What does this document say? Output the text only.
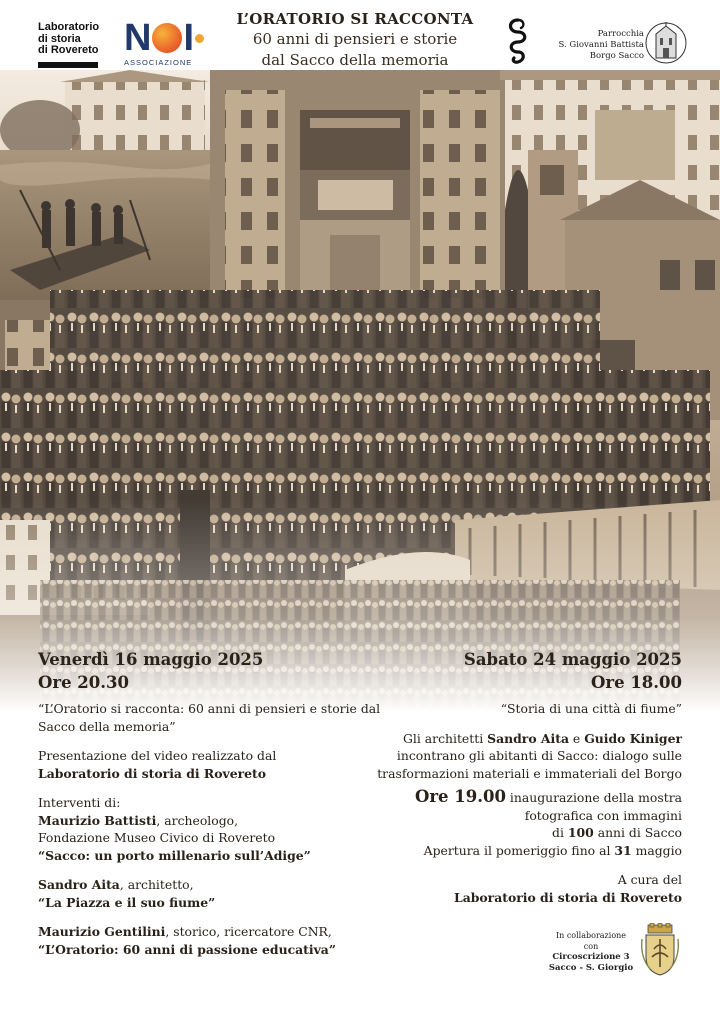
Laboratorio
di storia
di Rovereto N I
ASSOCIAZIONE
L’ORATORIO SI RACCONTA
60 anni di pensieri e storie
dal Sacco della memoria
Parrocchia
S. Giovanni Battista
Borgo Sacco
Venerdì 16 maggio 2025
Ore 20.30
“L’Oratorio si racconta: 60 anni di pensieri e storie dal Sacco della memoria”
Presentazione del video realizzato dal
Laboratorio di storia di Rovereto
Interventi di:
Maurizio Battisti, archeologo,
Fondazione Museo Civico di Rovereto
“Sacco: un porto millenario sull’Adige”
Sandro Aita, architetto,
“La Piazza e il suo fiume”
Maurizio Gentilini, storico, ricercatore CNR,
“L’Oratorio: 60 anni di passione educativa”
Sabato 24 maggio 2025
Ore 18.00
“Storia di una città di fiume”
Gli architetti Sandro Aita e Guido Kiniger
incontrano gli abitanti di Sacco: dialogo sulle
trasformazioni materiali e immateriali del Borgo
Ore 19.00 inaugurazione della mostra
fotografica con immagini
di 100 anni di Sacco
Apertura il pomeriggio fino al 31 maggio
A cura del
Laboratorio di storia di Rovereto
In collaborazione con
Circoscrizione 3
Sacco - S. Giorgio
